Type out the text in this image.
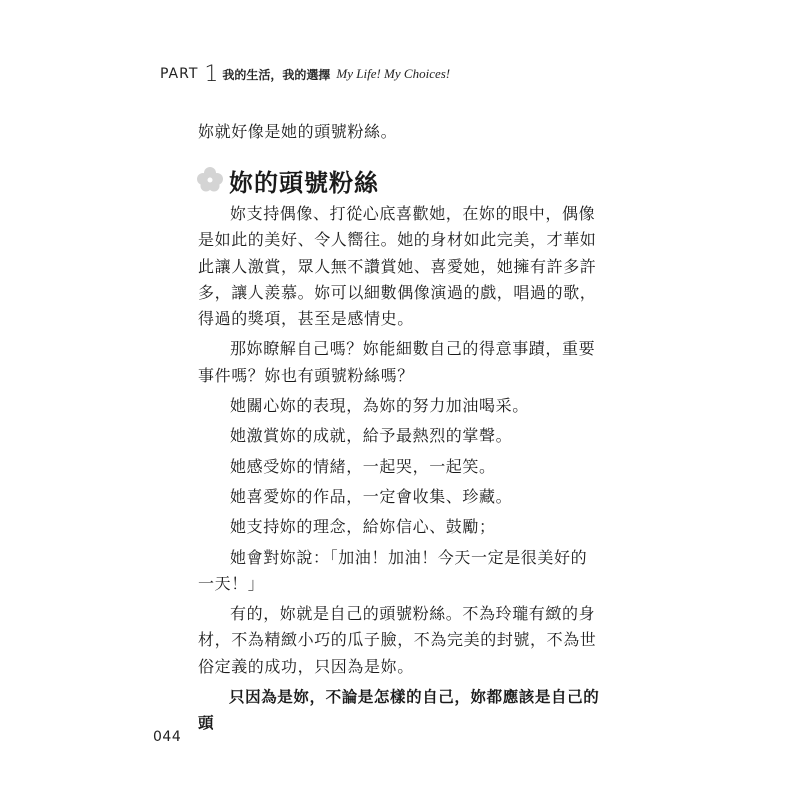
PART 1 我的生活，我的選擇 My Life! My Choices!
妳就好像是她的頭號粉絲。
妳的頭號粉絲

妳支持偶像、打從心底喜歡她，在妳的眼中，偶像是如此的美好、令人嚮往。她的身材如此完美，才華如此讓人激賞，眾人無不讚賞她、喜愛她，她擁有許多許多，讓人羨慕。妳可以細數偶像演過的戲，唱過的歌，得過的獎項，甚至是感情史。

那妳瞭解自己嗎？妳能細數自己的得意事蹟，重要事件嗎？妳也有頭號粉絲嗎？

她關心妳的表現，為妳的努力加油喝采。

她激賞妳的成就，給予最熱烈的掌聲。

她感受妳的情緒，一起哭，一起笑。

她喜愛妳的作品，一定會收集、珍藏。

她支持妳的理念，給妳信心、鼓勵；

她會對妳說：「加油！加油！今天一定是很美好的一天！」

有的，妳就是自己的頭號粉絲。不為玲瓏有緻的身材，不為精緻小巧的瓜子臉，不為完美的封號，不為世俗定義的成功，只因為是妳。

只因為是妳，不論是怎樣的自己，妳都應該是自己的頭

044
